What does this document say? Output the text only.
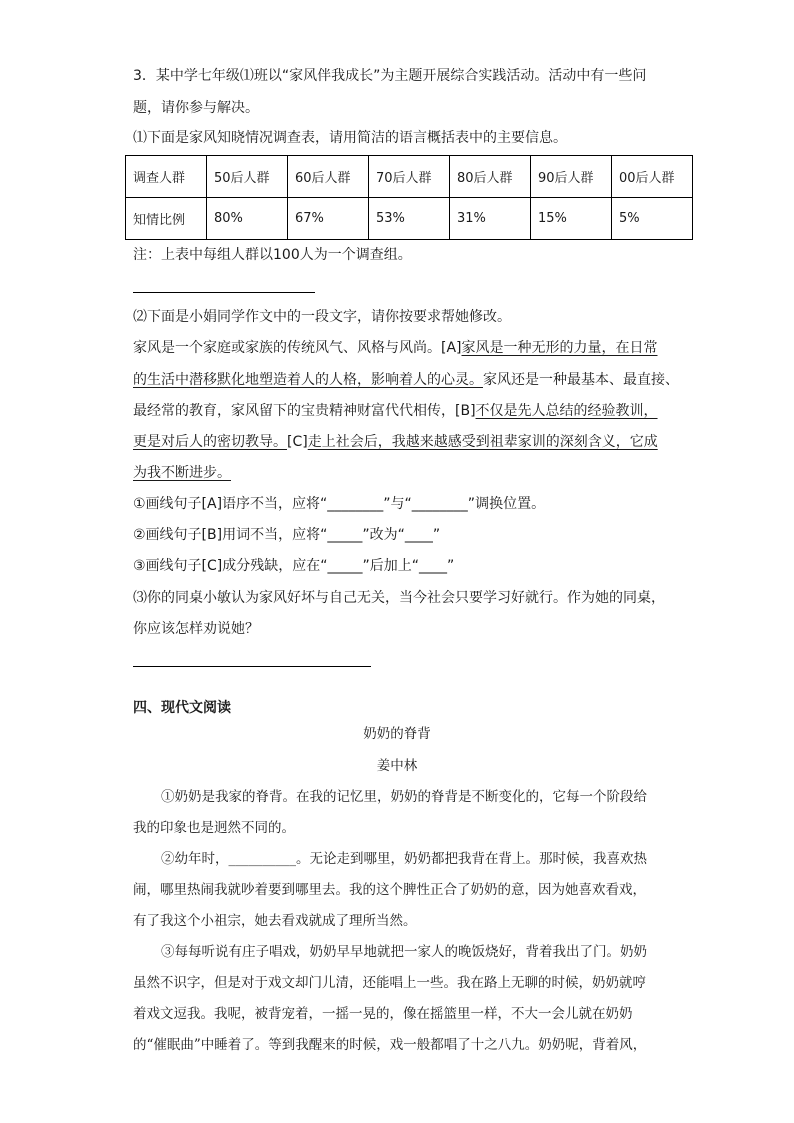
3．某中学七年级⑴班以“家风伴我成长”为主题开展综合实践活动。活动中有一些问
题，请你参与解决。
⑴下面是家风知晓情况调查表，请用简洁的语言概括表中的主要信息。
调查人群	50后人群	60后人群	70后人群	80后人群	90后人群	00后人群
知情比例	80%	67%	53%	31%	15%	5%
注：上表中每组人群以100人为一个调查组。
⑵下面是小娟同学作文中的一段文字，请你按要求帮她修改。
家风是一个家庭或家族的传统风气、风格与风尚。[A]家风是一种无形的力量，在日常
的生活中潜移默化地塑造着人的人格，影响着人的心灵。家风还是一种最基本、最直接、
最经常的教育，家风留下的宝贵精神财富代代相传，[B]不仅是先人总结的经验教训，
更是对后人的密切教导。[C]走上社会后，我越来越感受到祖辈家训的深刻含义，它成
为我不断进步。
①画线句子[A]语序不当，应将“________”与“________”调换位置。
②画线句子[B]用词不当，应将“_____”改为“____”
③画线句子[C]成分残缺，应在“_____”后加上“____”
⑶你的同桌小敏认为家风好坏与自己无关，当今社会只要学习好就行。作为她的同桌，
你应该怎样劝说她？
四、现代文阅读
奶奶的脊背
姜中林
①奶奶是我家的脊背。在我的记忆里，奶奶的脊背是不断变化的，它每一个阶段给
我的印象也是迥然不同的。
②幼年时，__________。无论走到哪里，奶奶都把我背在背上。那时候，我喜欢热
闹，哪里热闹我就吵着要到哪里去。我的这个脾性正合了奶奶的意，因为她喜欢看戏，
有了我这个小祖宗，她去看戏就成了理所当然。
③每每听说有庄子唱戏，奶奶早早地就把一家人的晚饭烧好，背着我出了门。奶奶
虽然不识字，但是对于戏文却门儿清，还能唱上一些。我在路上无聊的时候，奶奶就哼
着戏文逗我。我呢，被背宠着，一摇一晃的，像在摇篮里一样，不大一会儿就在奶奶
的“催眠曲”中睡着了。等到我醒来的时候，戏一般都唱了十之八九。奶奶呢，背着风，
